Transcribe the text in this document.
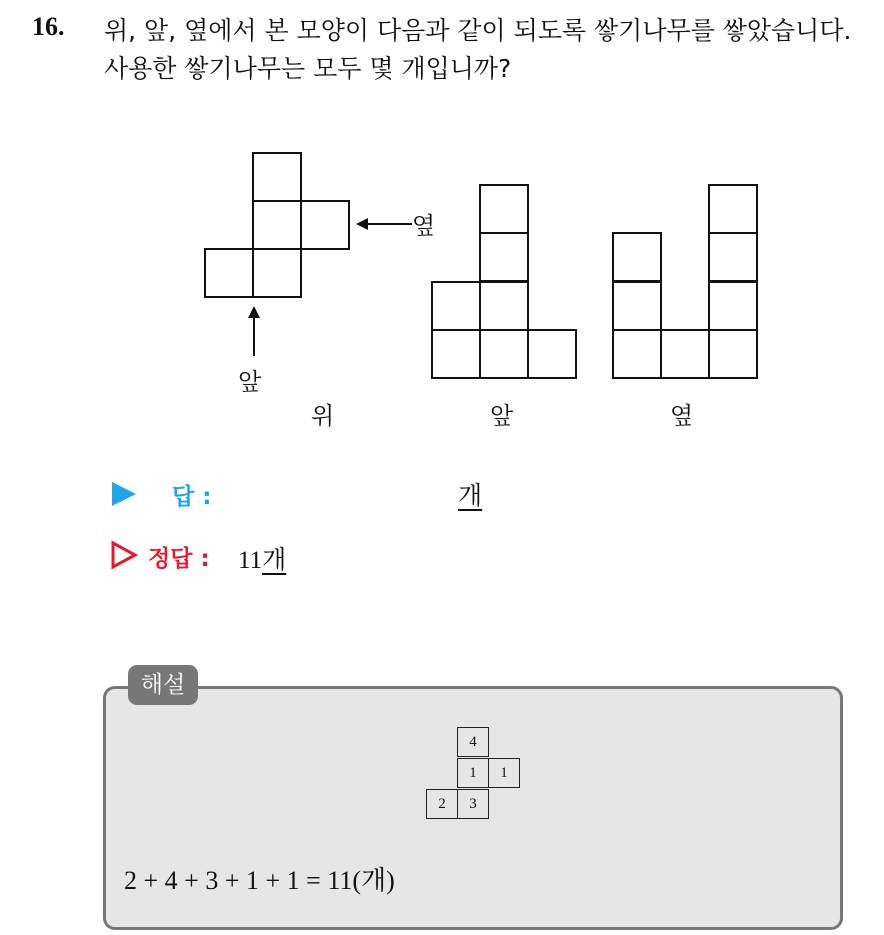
16. 위, 앞, 옆에서 본 모양이 다음과 같이 되도록 쌓기나무를 쌓았습니다.
사용한 쌓기나무는 모두 몇 개입니까?
옆
앞
위	앞	옆
답 :	개
정답 : 11개
해설
4
1	1
2	3
2 + 4 + 3 + 1 + 1 = 11(개)
